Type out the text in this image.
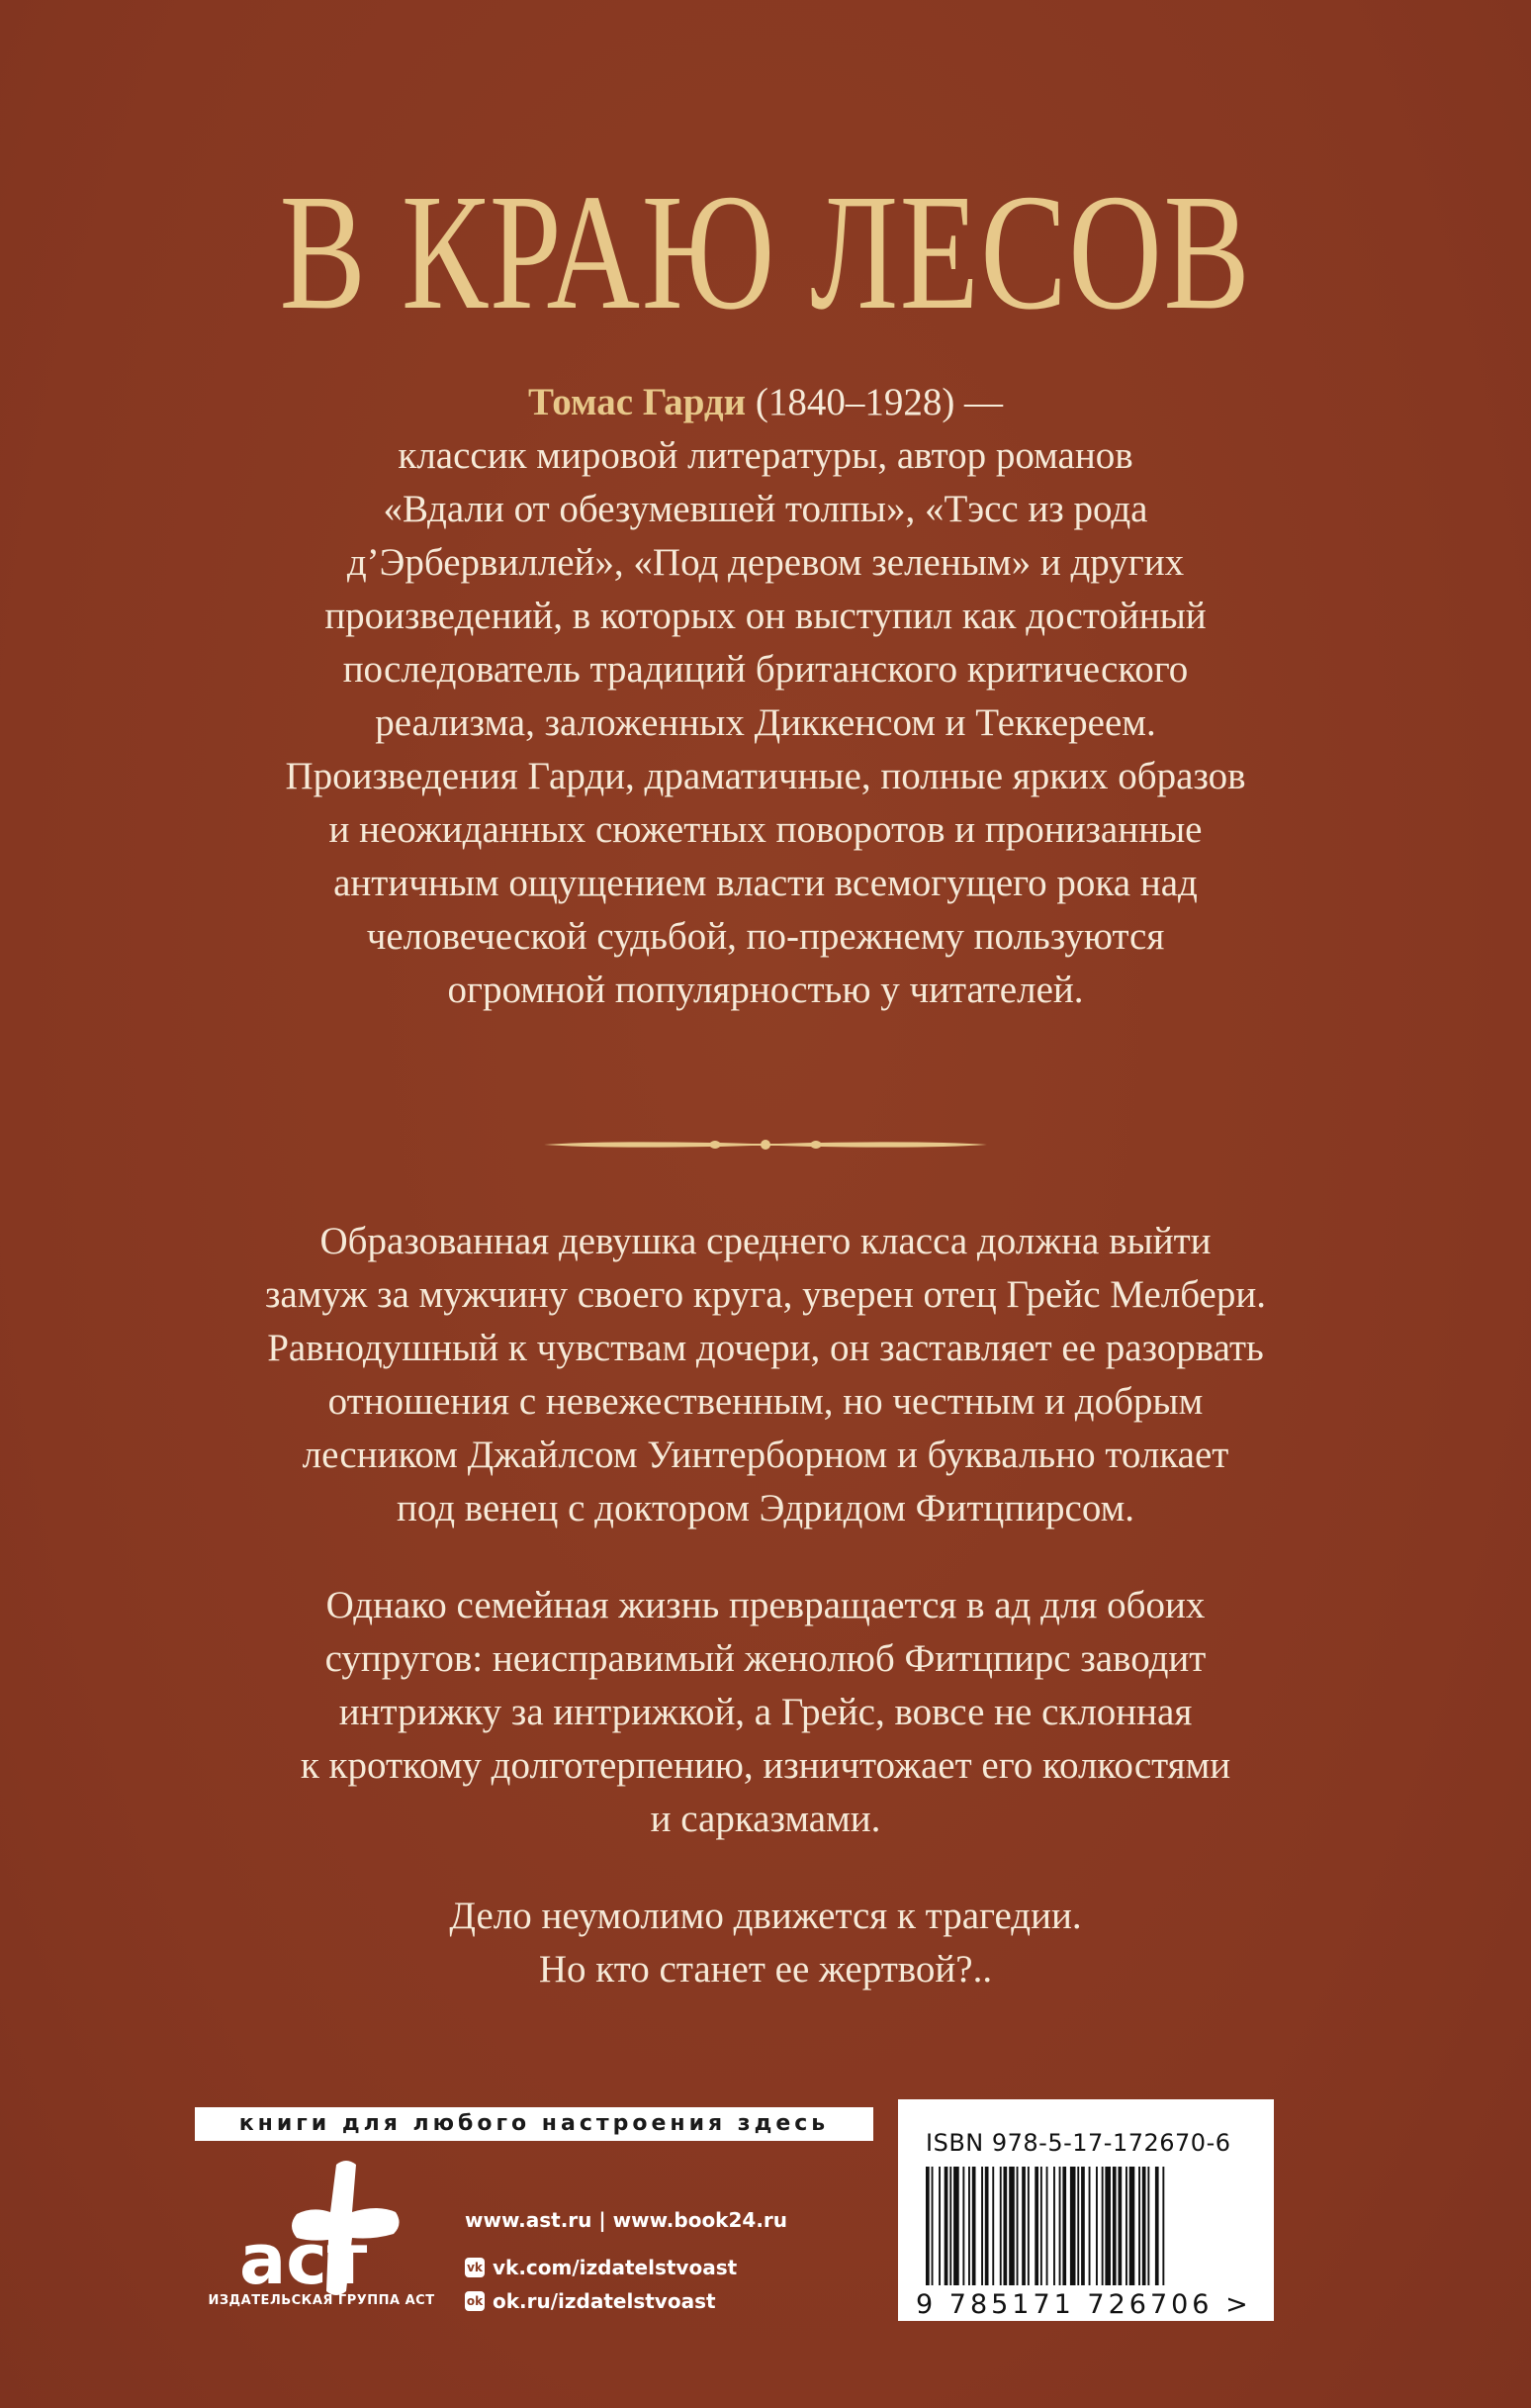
В КРАЮ ЛЕСОВ
Томас Гарди (1840–1928) —
классик мировой литературы, автор романов
«Вдали от обезумевшей толпы», «Тэсс из рода
д’Эрбервиллей», «Под деревом зеленым» и других
произведений, в которых он выступил как достойный
последователь традиций британского критического
реализма, заложенных Диккенсом и Теккереем.
Произведения Гарди, драматичные, полные ярких образов
и неожиданных сюжетных поворотов и пронизанные
античным ощущением власти всемогущего рока над
человеческой судьбой, по-прежнему пользуются
огромной популярностью у читателей.

Образованная девушка среднего класса должна выйти
замуж за мужчину своего круга, уверен отец Грейс Мелбери.
Равнодушный к чувствам дочери, он заставляет ее разорвать
отношения с невежественным, но честным и добрым
лесником Джайлсом Уинтерборном и буквально толкает
под венец с доктором Эдридом Фитцпирсом.

Однако семейная жизнь превращается в ад для обоих
супругов: неисправимый женолюб Фитцпирс заводит
интрижку за интрижкой, а Грейс, вовсе не склонная
к кроткому долготерпению, изничтожает его колкостями
и сарказмами.

Дело неумолимо движется к трагедии.
Но кто станет ее жертвой?..

книги для любого настроения здесь
аст
ИЗДАТЕЛЬСКАЯ ГРУППА АСТ
www.ast.ru | www.book24.ru
vk vk.com/izdatelstvoast
ok ok.ru/izdatelstvoast
ISBN 978-5-17-172670-6
9 785171 726706 >
